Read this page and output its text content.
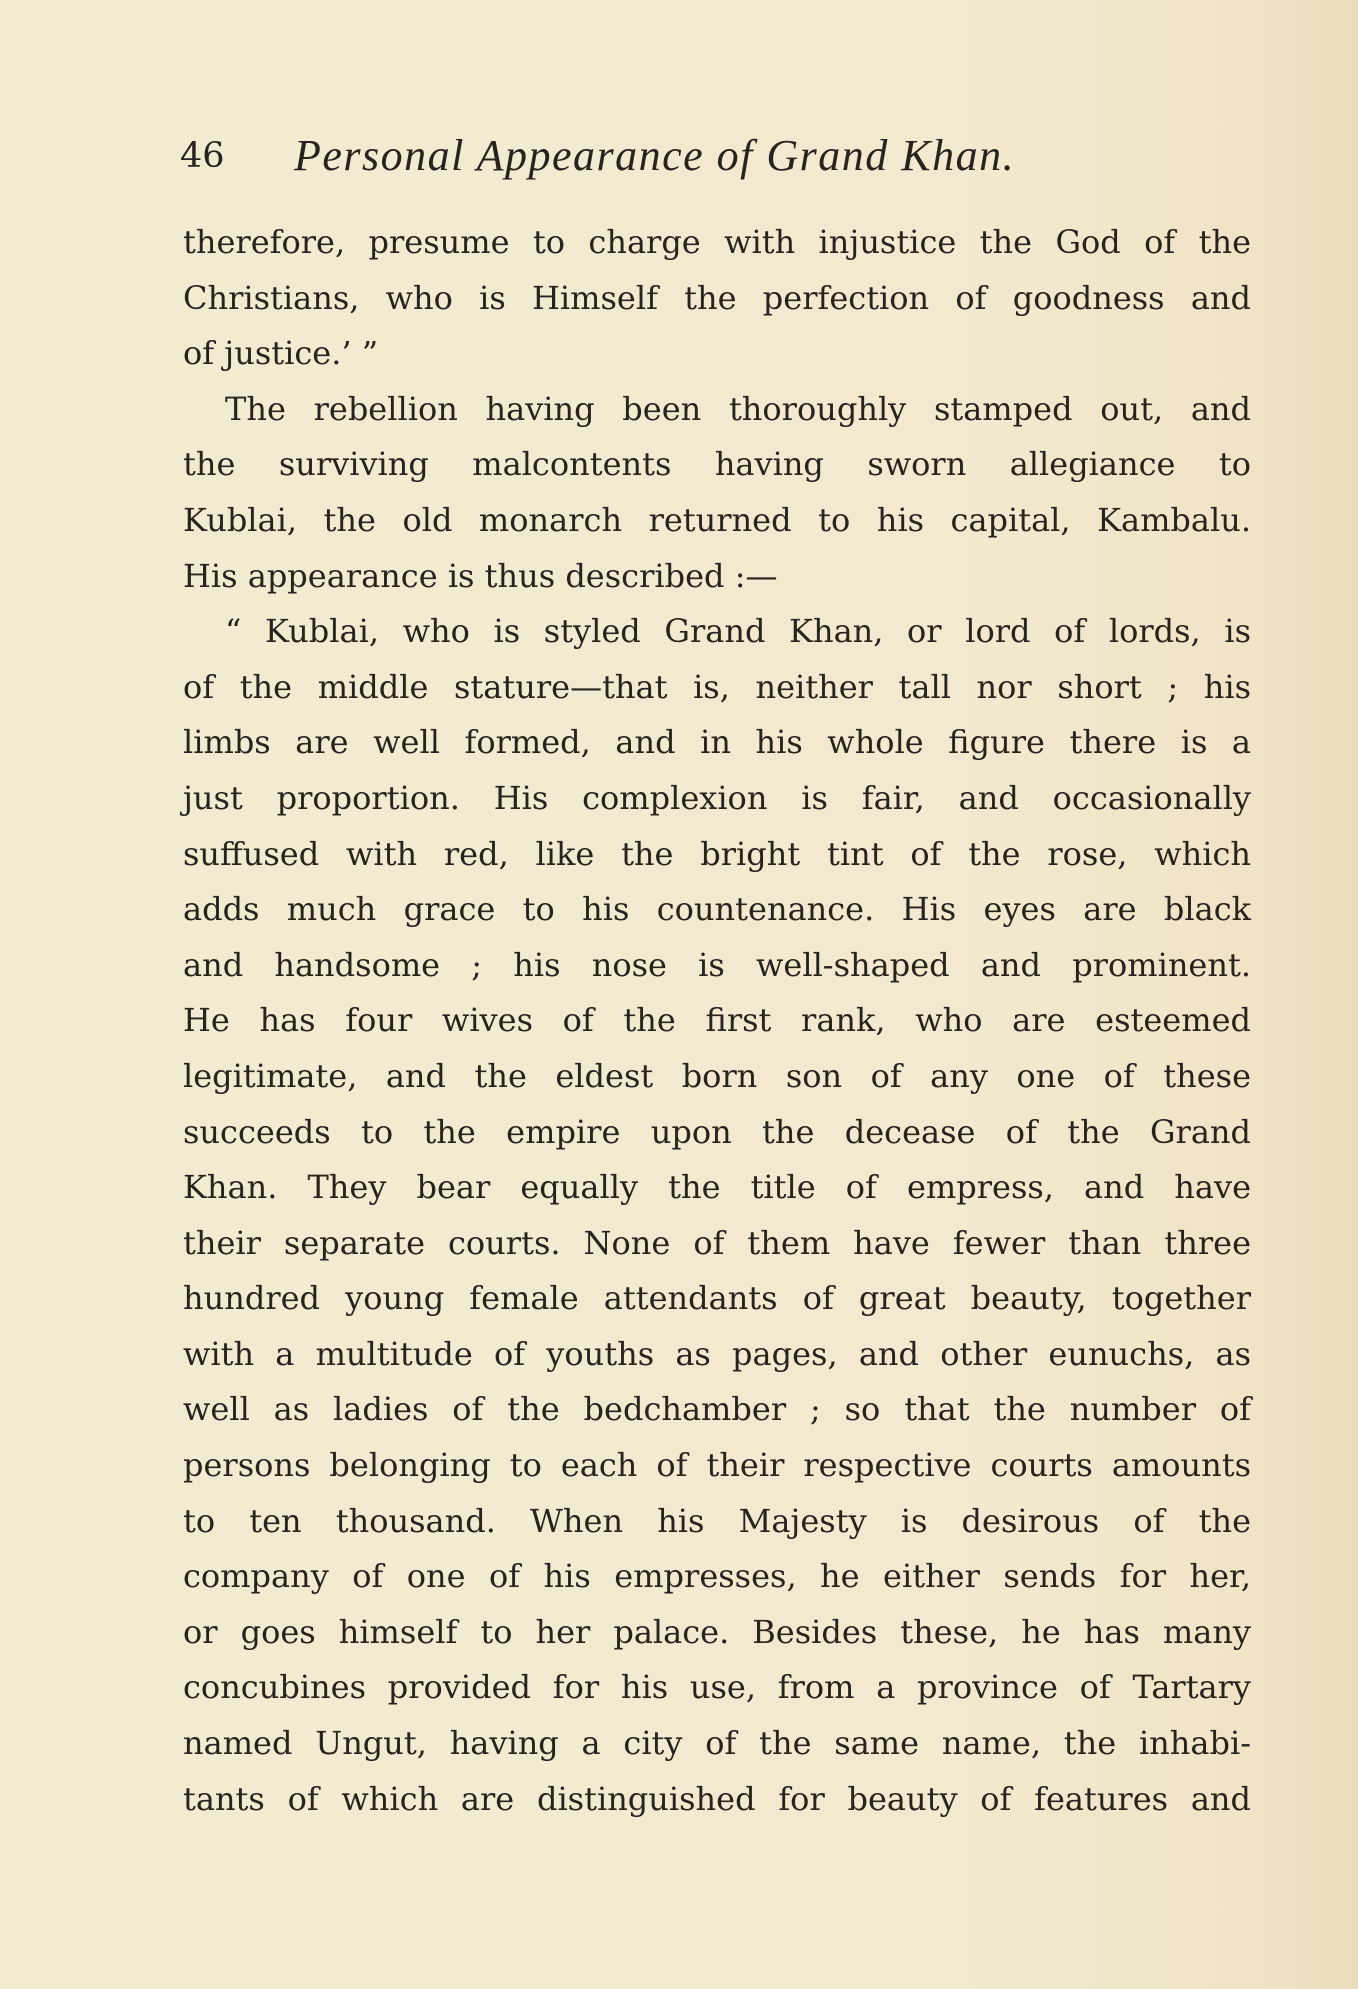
46 Personal Appearance of Grand Khan.
therefore, presume to charge with injustice the God of the
Christians, who is Himself the perfection of goodness and
of justice.’ ”
The rebellion having been thoroughly stamped out, and
the surviving malcontents having sworn allegiance to
Kublai, the old monarch returned to his capital, Kambalu.
His appearance is thus described :—
“ Kublai, who is styled Grand Khan, or lord of lords, is
of the middle stature—that is, neither tall nor short ; his
limbs are well formed, and in his whole figure there is a
just proportion. His complexion is fair, and occasionally
suffused with red, like the bright tint of the rose, which
adds much grace to his countenance. His eyes are black
and handsome ; his nose is well-shaped and prominent.
He has four wives of the first rank, who are esteemed
legitimate, and the eldest born son of any one of these
succeeds to the empire upon the decease of the Grand
Khan. They bear equally the title of empress, and have
their separate courts. None of them have fewer than three
hundred young female attendants of great beauty, together
with a multitude of youths as pages, and other eunuchs, as
well as ladies of the bedchamber ; so that the number of
persons belonging to each of their respective courts amounts
to ten thousand. When his Majesty is desirous of the
company of one of his empresses, he either sends for her,
or goes himself to her palace. Besides these, he has many
concubines provided for his use, from a province of Tartary
named Ungut, having a city of the same name, the inhabi-
tants of which are distinguished for beauty of features and
